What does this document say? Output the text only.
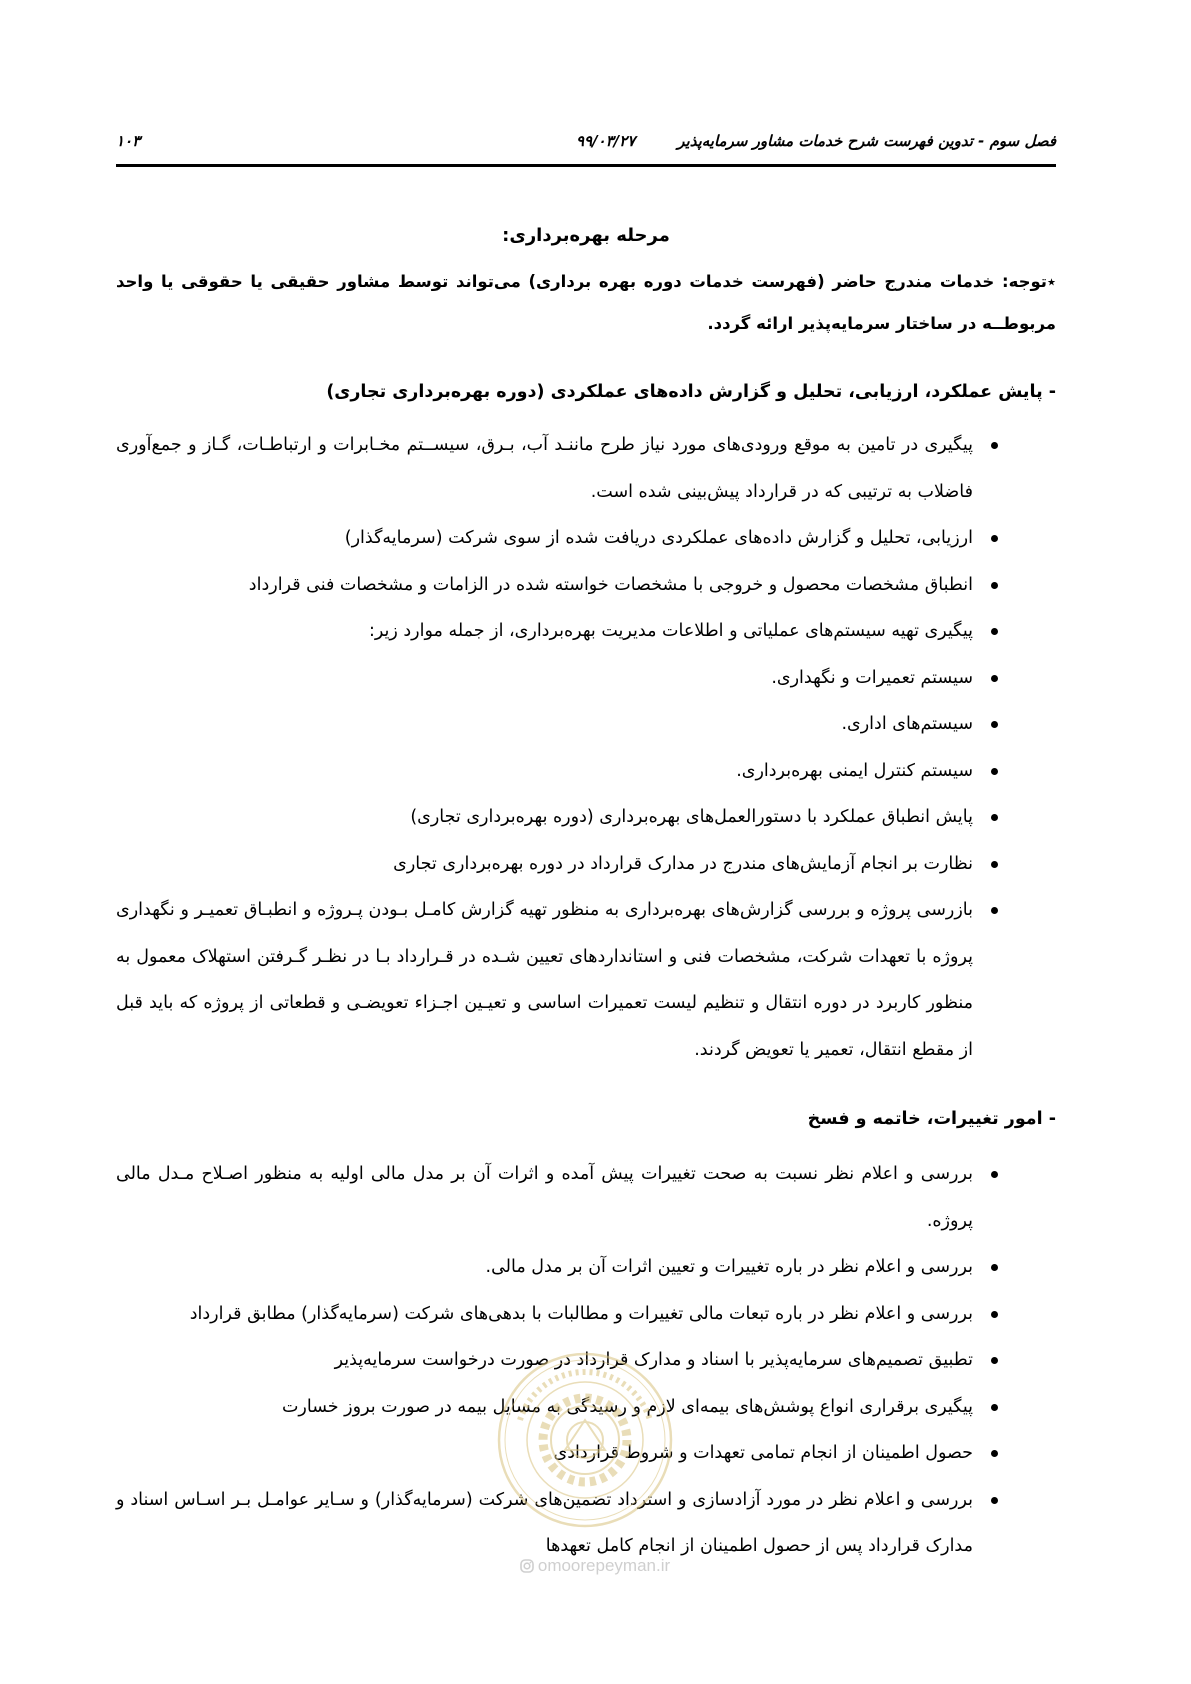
فصل سوم - تدوین فهرست شرح خدمات مشاور سرمایه‌پذیر
۹۹/۰۳/۲۷
۱۰۳

مرحله بهره‌برداری:

٭توجه: خدمات مندرج حاضر (فهرست خدمات دوره بهره برداری) می‌تواند توسط مشاور حقیقی یا حقوقی یا واحد مربوطــه در ساختار سرمایه‌پذیر ارائه گردد.

- پایش عملکرد، ارزیابی، تحلیل و گزارش داده‌های عملکردی (دوره بهره‌برداری تجاری)

پیگیری در تامین به موقع ورودی‌های مورد نیاز طرح ماننـد آب، بـرق، سیســتم مخـابرات و ارتباطـات، گـاز و جمع‌آوری فاضلاب به ترتیبی که در قرارداد پیش‌بینی شده است.
ارزیابی، تحلیل و گزارش داده‌های عملکردی دریافت شده از سوی شرکت (سرمایه‌گذار)
انطباق مشخصات محصول و خروجی با مشخصات خواسته شده در الزامات و مشخصات فنی قرارداد
پیگیری تهیه سیستم‌های عملیاتی و اطلاعات مدیریت بهره‌برداری، از جمله موارد زیر:
سیستم تعمیرات و نگهداری.
سیستم‌های اداری.
سیستم کنترل ایمنی بهره‌برداری.
پایش انطباق عملکرد با دستورالعمل‌های بهره‌برداری (دوره بهره‌برداری تجاری)
نظارت بر انجام آزمایش‌های مندرج در مدارک قرارداد در دوره بهره‌برداری تجاری
بازرسی پروژه و بررسی گزارش‌های بهره‌برداری به منظور تهیه گزارش کامـل بـودن پـروژه و انطبـاق تعمیـر و نگهداری پروژه با تعهدات شرکت، مشخصات فنی و استانداردهای تعیین شـده در قـرارداد بـا در نظـر گـرفتن استهلاک معمول به منظور کاربرد در دوره انتقال و تنظیم لیست تعمیرات اساسی و تعیـین اجـزاء تعویضـی و قطعاتی از پروژه که باید قبل از مقطع انتقال، تعمیر یا تعویض گردند.

- امور تغییرات، خاتمه و فسخ

بررسی و اعلام نظر نسبت به صحت تغییرات پیش آمده و اثرات آن بر مدل مالی اولیه به منظور اصـلاح مـدل مالی پروژه.
بررسی و اعلام نظر در باره تغییرات و تعیین اثرات آن بر مدل مالی.
بررسی و اعلام نظر در باره تبعات مالی تغییرات و مطالبات با بدهی‌های شرکت (سرمایه‌گذار) مطابق قرارداد
تطبیق تصمیم‌های سرمایه‌پذیر با اسناد و مدارک قرارداد در صورت درخواست سرمایه‌پذیر
پیگیری برقراری انواع پوشش‌های بیمه‌ای لازم و رسیدگی به مسایل بیمه در صورت بروز خسارت
حصول اطمینان از انجام تمامی تعهدات و شروط قراردادی
بررسی و اعلام نظر در مورد آزادسازی و استرداد تضمین‌های شرکت (سرمایه‌گذار) و سـایر عوامـل بـر اسـاس اسناد و مدارک قرارداد پس از حصول اطمینان از انجام کامل تعهدها
omoorepeyman.ir
